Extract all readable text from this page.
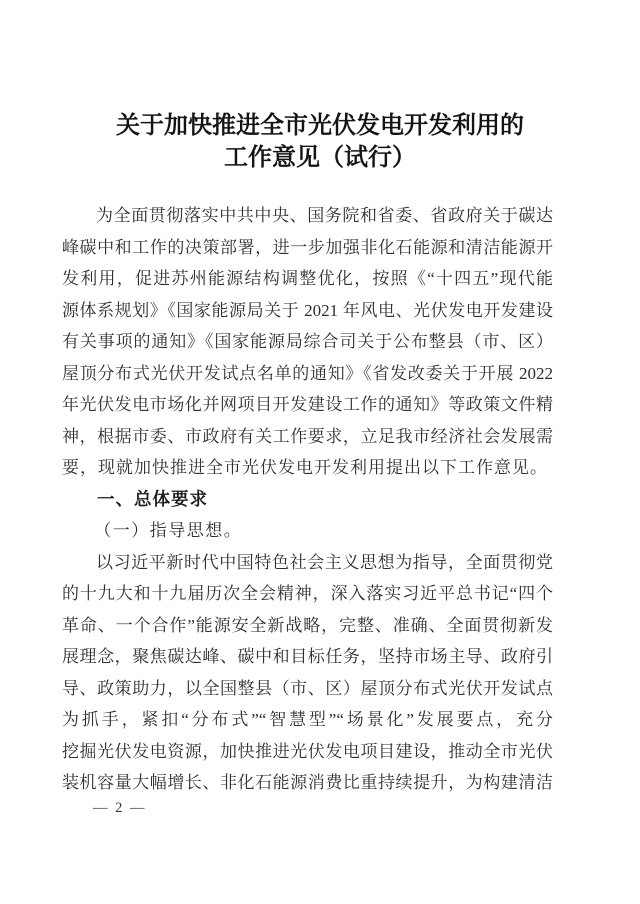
关于加快推进全市光伏发电开发利用的
工作意见（试行）
为全面贯彻落实中共中央、国务院和省委、省政府关于碳达
峰碳中和工作的决策部署，进一步加强非化石能源和清洁能源开
发利用，促进苏州能源结构调整优化，按照《“十四五”现代能
源体系规划》《国家能源局关于 2021 年风电、光伏发电开发建设
有关事项的通知》《国家能源局综合司关于公布整县（市、区）
屋顶分布式光伏开发试点名单的通知》《省发改委关于开展 2022
年光伏发电市场化并网项目开发建设工作的通知》等政策文件精
神，根据市委、市政府有关工作要求，立足我市经济社会发展需
要，现就加快推进全市光伏发电开发利用提出以下工作意见。
一、总体要求
（一）指导思想。
以习近平新时代中国特色社会主义思想为指导，全面贯彻党
的十九大和十九届历次全会精神，深入落实习近平总书记“四个
革命、一个合作”能源安全新战略，完整、准确、全面贯彻新发
展理念，聚焦碳达峰、碳中和目标任务，坚持市场主导、政府引
导、政策助力，以全国整县（市、区）屋顶分布式光伏开发试点
为抓手，紧扣“分布式”“智慧型”“场景化”发展要点，充分
挖掘光伏发电资源，加快推进光伏发电项目建设，推动全市光伏
装机容量大幅增长、非化石能源消费比重持续提升，为构建清洁
— 2 —
